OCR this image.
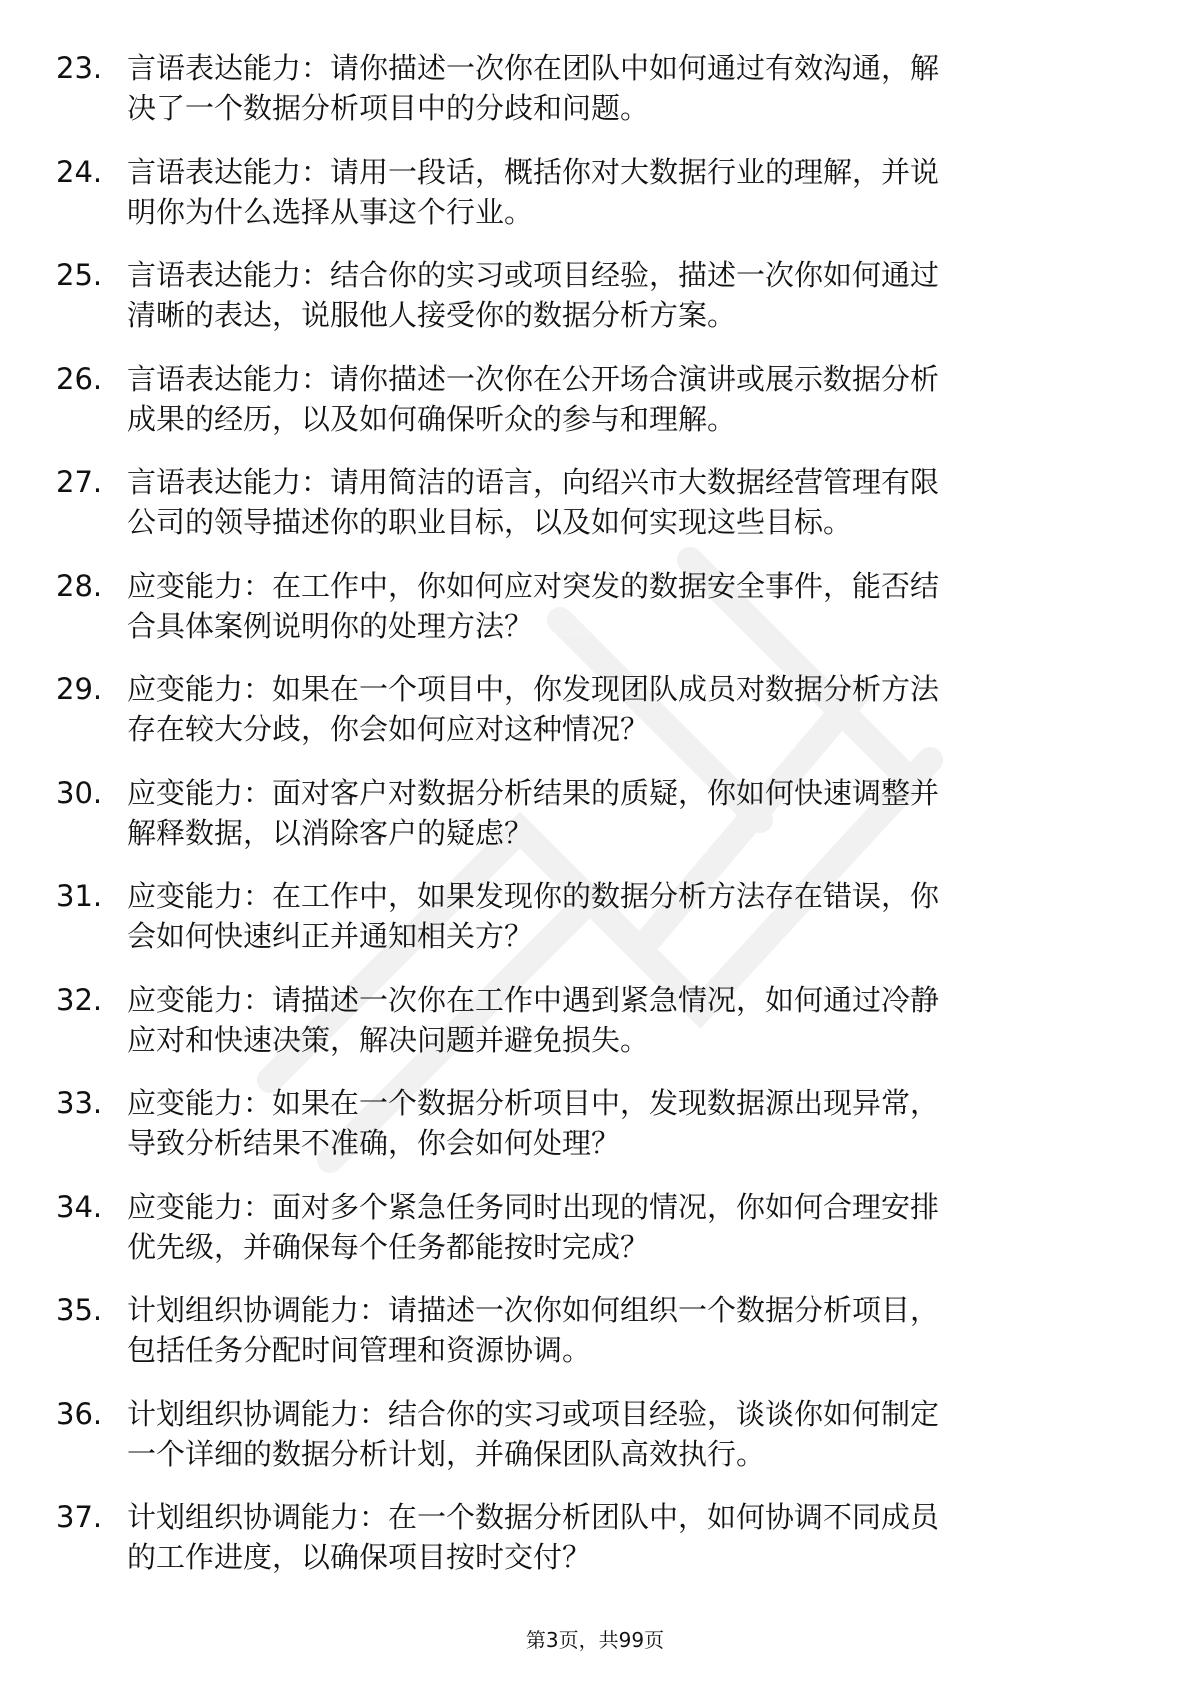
23. 言语表达能力：请你描述一次你在团队中如何通过有效沟通，解
决了一个数据分析项目中的分歧和问题。
24. 言语表达能力：请用一段话，概括你对大数据行业的理解，并说
明你为什么选择从事这个行业。
25. 言语表达能力：结合你的实习或项目经验，描述一次你如何通过
清晰的表达，说服他人接受你的数据分析方案。
26. 言语表达能力：请你描述一次你在公开场合演讲或展示数据分析
成果的经历，以及如何确保听众的参与和理解。
27. 言语表达能力：请用简洁的语言，向绍兴市大数据经营管理有限
公司的领导描述你的职业目标，以及如何实现这些目标。
28. 应变能力：在工作中，你如何应对突发的数据安全事件，能否结
合具体案例说明你的处理方法？
29. 应变能力：如果在一个项目中，你发现团队成员对数据分析方法
存在较大分歧，你会如何应对这种情况？
30. 应变能力：面对客户对数据分析结果的质疑，你如何快速调整并
解释数据，以消除客户的疑虑？
31. 应变能力：在工作中，如果发现你的数据分析方法存在错误，你
会如何快速纠正并通知相关方？
32. 应变能力：请描述一次你在工作中遇到紧急情况，如何通过冷静
应对和快速决策，解决问题并避免损失。
33. 应变能力：如果在一个数据分析项目中，发现数据源出现异常，
导致分析结果不准确，你会如何处理？
34. 应变能力：面对多个紧急任务同时出现的情况，你如何合理安排
优先级，并确保每个任务都能按时完成？
35. 计划组织协调能力：请描述一次你如何组织一个数据分析项目，
包括任务分配时间管理和资源协调。
36. 计划组织协调能力：结合你的实习或项目经验，谈谈你如何制定
一个详细的数据分析计划，并确保团队高效执行。
37. 计划组织协调能力：在一个数据分析团队中，如何协调不同成员
的工作进度，以确保项目按时交付？
第3页，共99页
